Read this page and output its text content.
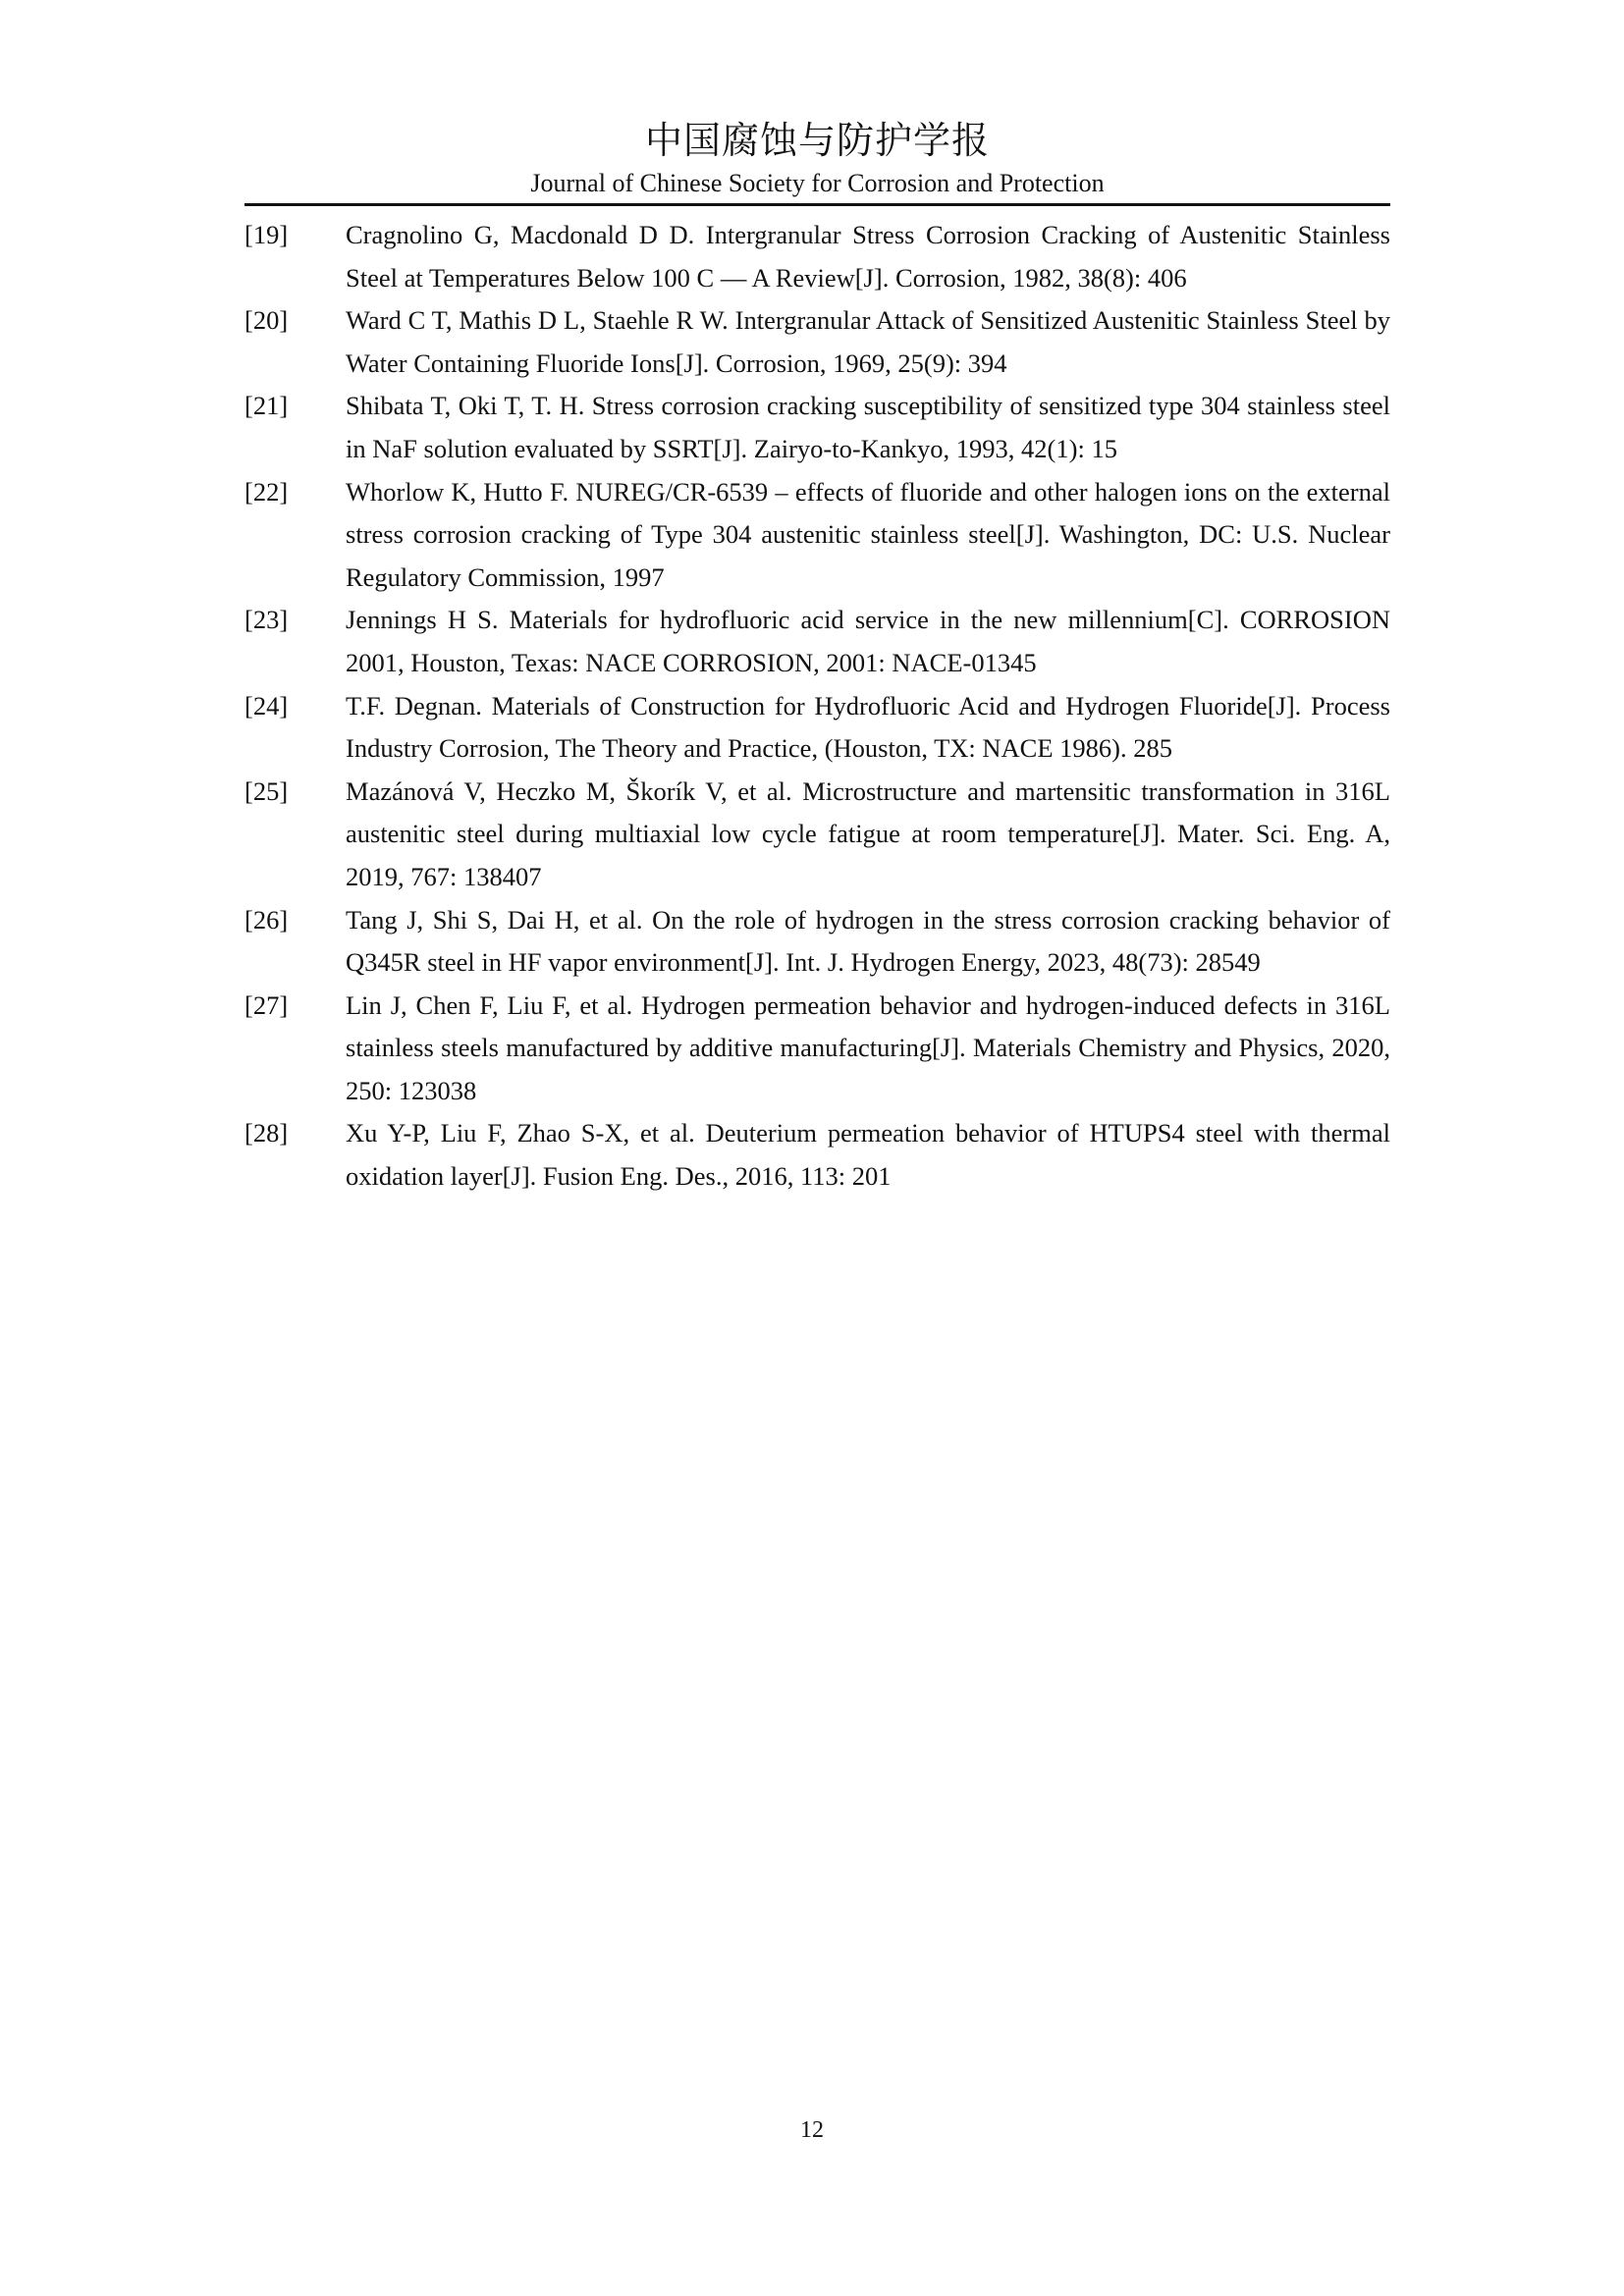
中国腐蚀与防护学报
Journal of Chinese Society for Corrosion and Protection
[19]	Cragnolino G, Macdonald D D. Intergranular Stress Corrosion Cracking of Austenitic Stainless Steel at Temperatures Below 100 C — A Review[J]. Corrosion, 1982, 38(8): 406
[20]	Ward C T, Mathis D L, Staehle R W. Intergranular Attack of Sensitized Austenitic Stainless Steel by Water Containing Fluoride Ions[J]. Corrosion, 1969, 25(9): 394
[21]	Shibata T, Oki T, T. H. Stress corrosion cracking susceptibility of sensitized type 304 stainless steel in NaF solution evaluated by SSRT[J]. Zairyo-to-Kankyo, 1993, 42(1): 15
[22]	Whorlow K, Hutto F. NUREG/CR-6539 – effects of fluoride and other halogen ions on the external stress corrosion cracking of Type 304 austenitic stainless steel[J]. Washington, DC: U.S. Nuclear Regulatory Commission, 1997
[23]	Jennings H S. Materials for hydrofluoric acid service in the new millennium[C]. CORROSION 2001, Houston, Texas: NACE CORROSION, 2001: NACE-01345
[24]	T.F. Degnan. Materials of Construction for Hydrofluoric Acid and Hydrogen Fluoride[J]. Process Industry Corrosion, The Theory and Practice, (Houston, TX: NACE 1986). 285
[25]	Mazánová V, Heczko M, Škorík V, et al. Microstructure and martensitic transformation in 316L austenitic steel during multiaxial low cycle fatigue at room temperature[J]. Mater. Sci. Eng. A, 2019, 767: 138407
[26]	Tang J, Shi S, Dai H, et al. On the role of hydrogen in the stress corrosion cracking behavior of Q345R steel in HF vapor environment[J]. Int. J. Hydrogen Energy, 2023, 48(73): 28549
[27]	Lin J, Chen F, Liu F, et al. Hydrogen permeation behavior and hydrogen-induced defects in 316L stainless steels manufactured by additive manufacturing[J]. Materials Chemistry and Physics, 2020, 250: 123038
[28]	Xu Y-P, Liu F, Zhao S-X, et al. Deuterium permeation behavior of HTUPS4 steel with thermal oxidation layer[J]. Fusion Eng. Des., 2016, 113: 201
12
